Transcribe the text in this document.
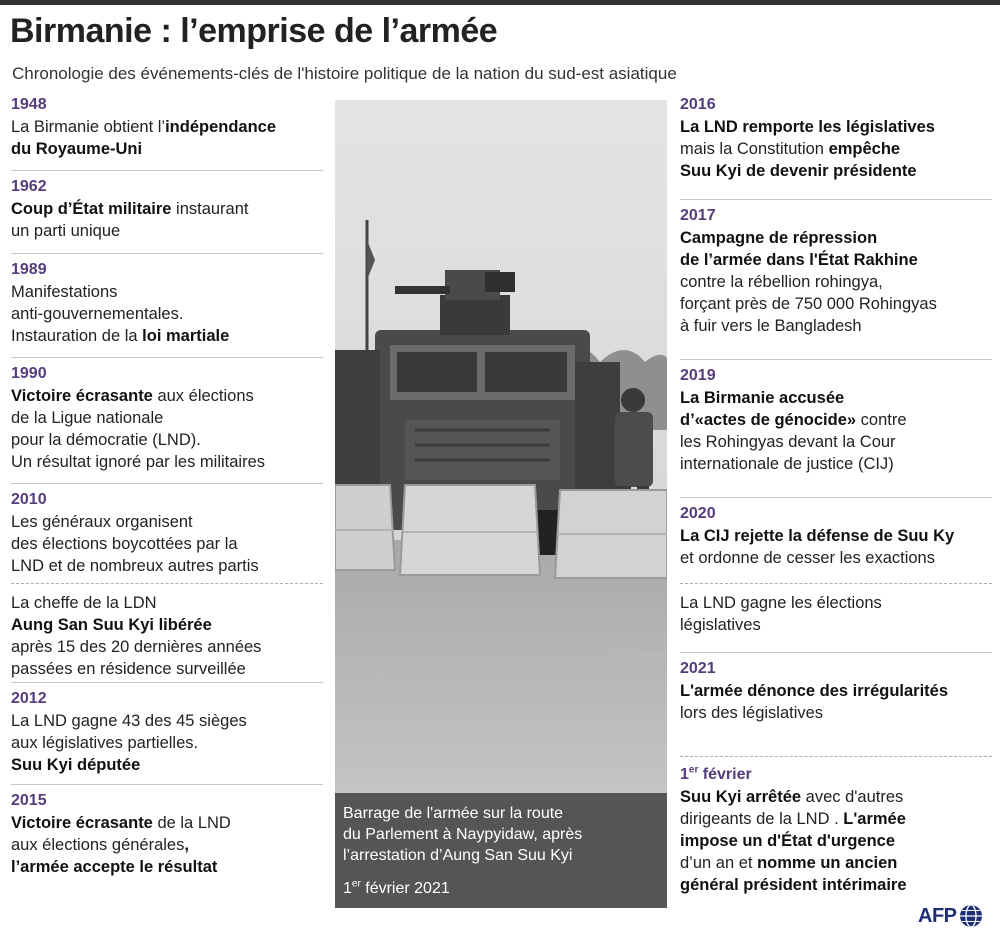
Birmanie : l’emprise de l’armée

Chronologie des événements-clés de l'histoire politique de la nation du sud-est asiatique

1948
La Birmanie obtient l’indépendance
du Royaume-Uni
1962
Coup d’État militaire instaurant
un parti unique
1989
Manifestations
anti-gouvernementales.
Instauration de la loi martiale
1990
Victoire écrasante aux élections
de la Ligue nationale
pour la démocratie (LND).
Un résultat ignoré par les militaires
2010
Les généraux organisent
des élections boycottées par la
LND et de nombreux autres partis
La cheffe de la LDN
Aung San Suu Kyi libérée
après 15 des 20 dernières années
passées en résidence surveillée
2012
La LND gagne 43 des 45 sièges
aux législatives partielles.
Suu Kyi députée
2015
Victoire écrasante de la LND
aux élections générales,
l’armée accepte le résultat
Barrage de l'armée sur la route
du Parlement à Naypyidaw, après
l’arrestation d’Aung San Suu Kyi
1er février 2021
2016
La LND remporte les législatives
mais la Constitution empêche
Suu Kyi de devenir présidente
2017
Campagne de répression
de l’armée dans l'État Rakhine
contre la rébellion rohingya,
forçant près de 750 000 Rohingyas
à fuir vers le Bangladesh
2019
La Birmanie accusée
d’«actes de génocide» contre
les Rohingyas devant la Cour
internationale de justice (CIJ)
2020
La CIJ rejette la défense de Suu Ky
et ordonne de cesser les exactions
La LND gagne les élections
législatives
2021
L'armée dénonce des irrégularités
lors des législatives
1er février
Suu Kyi arrêtée avec d'autres
dirigeants de la LND . L'armée
impose un d'État d'urgence
d’un an et nomme un ancien
général président intérimaire
AFP
